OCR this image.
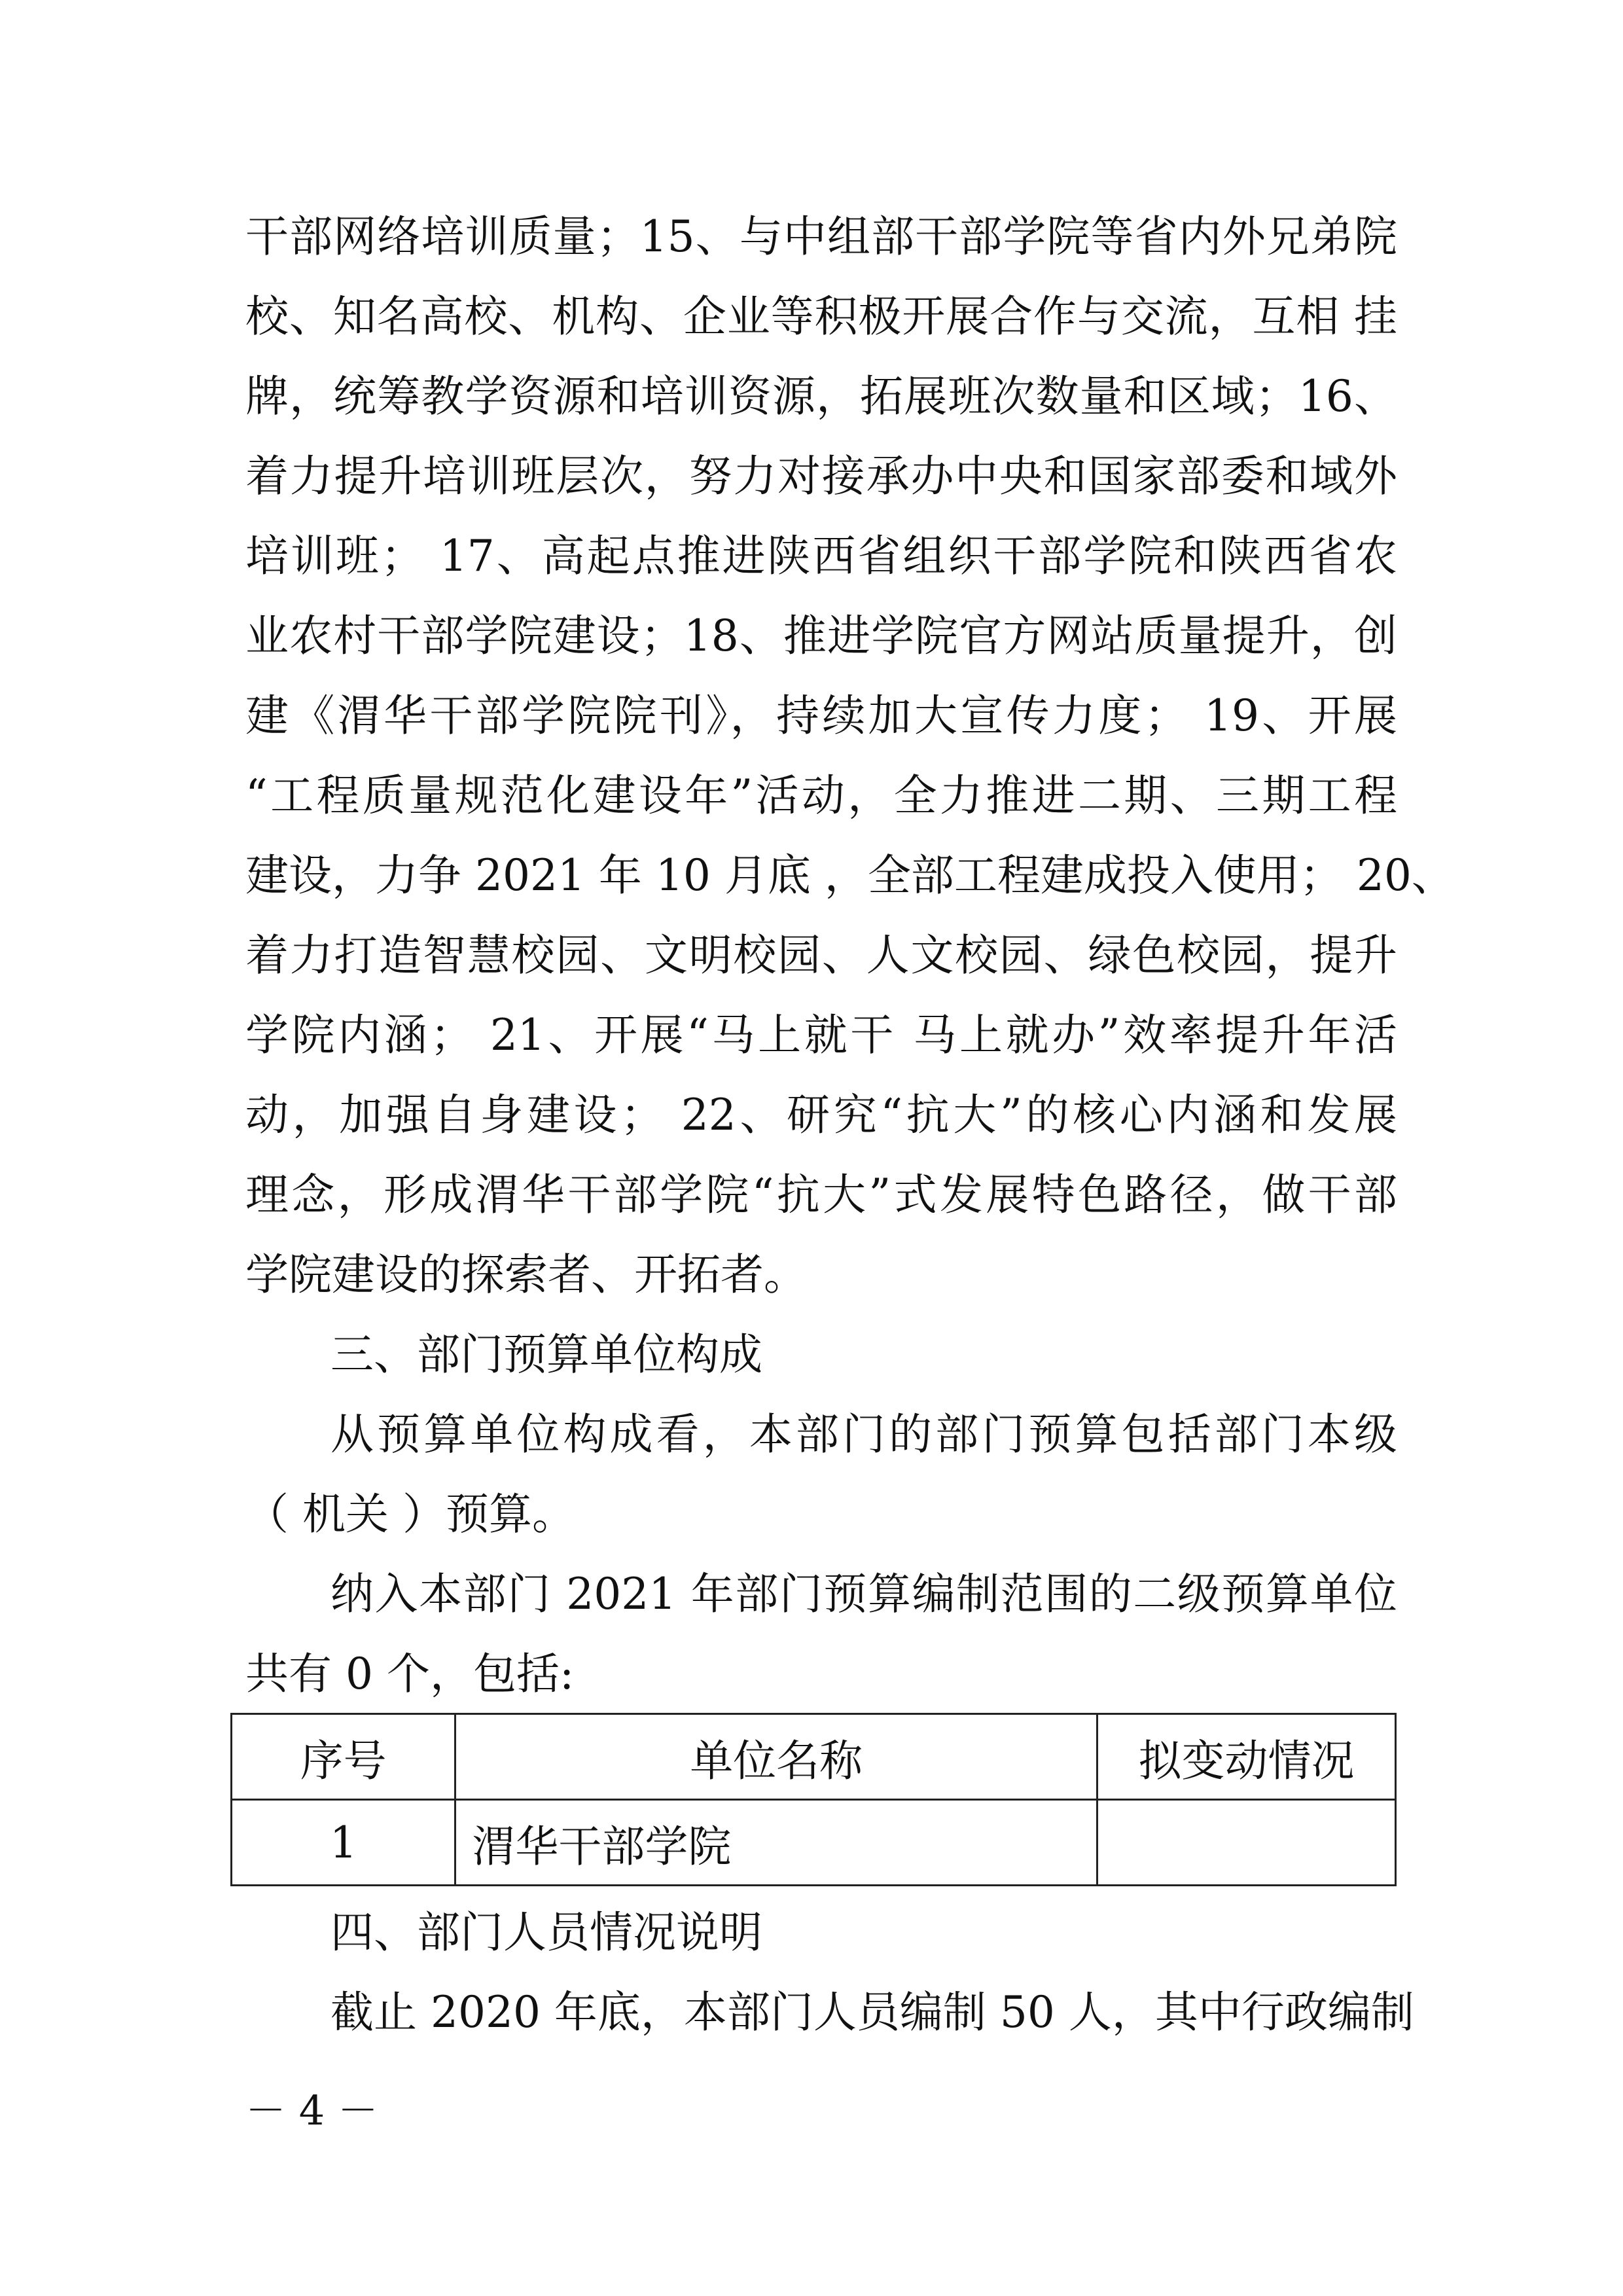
干部网络培训质量；15、与中组部干部学院等省内外兄弟院
校、知名高校、机构、企业等积极开展合作与交流，互相 挂
牌，统筹教学资源和培训资源，拓展班次数量和区域；16、
着力提升培训班层次，努力对接承办中央和国家部委和域外
培训班； 17、高起点推进陕西省组织干部学院和陕西省农
业农村干部学院建设；18、推进学院官方网站质量提升，创
建《渭华干部学院院刊》，持续加大宣传力度； 19、开展
“工程质量规范化建设年”活动，全力推进二期、三期工程
建设，力争 2021 年 10 月底 ，全部工程建成投入使用； 20、
着力打造智慧校园、文明校园、人文校园、绿色校园，提升
学院内涵； 21、开展“马上就干 马上就办”效率提升年活
动，加强自身建设； 22、研究“抗大”的核心内涵和发展
理念，形成渭华干部学院“抗大”式发展特色路径，做干部
学院建设的探索者、开拓者。
三、部门预算单位构成
从预算单位构成看，本部门的部门预算包括部门本级
（ 机关 ）预算。
纳入本部门 2021 年部门预算编制范围的二级预算单位
共有 0 个，包括:
序号	单位名称	拟变动情况
1	渭华干部学院	
四、部门人员情况说明
截止 2020 年底，本部门人员编制 50 人，其中行政编制
－ 4 －
